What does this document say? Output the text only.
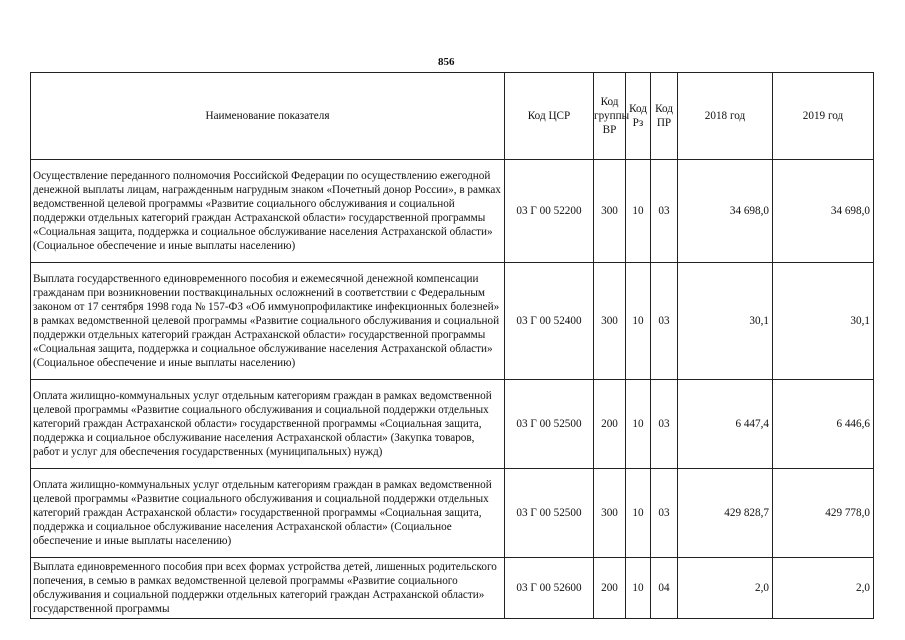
856
Наименование показателя	Код ЦСР	Код группы ВР	Код Рз	Код ПР	2018 год	2019 год
Осуществление переданного полномочия Российской Федерации по осуществлению ежегодной денежной выплаты лицам, награжденным нагрудным знаком «Почетный донор России», в рамках ведомственной целевой программы «Развитие социального обслуживания и социальной поддержки отдельных категорий граждан Астраханской области» государственной программы «Социальная защита, поддержка и социальное обслуживание населения Астраханской области» (Социальное обеспечение и иные выплаты населению)	03 Г 00 52200	300	10	03	34 698,0	34 698,0
Выплата государственного единовременного пособия и ежемесячной денежной компенсации гражданам при возникновении поствакцинальных осложнений в соответствии с Федеральным законом от 17 сентября 1998 года № 157-ФЗ «Об иммунопрофилактике инфекционных болезней» в рамках ведомственной целевой программы «Развитие социального обслуживания и социальной поддержки отдельных категорий граждан Астраханской области» государственной программы «Социальная защита, поддержка и социальное обслуживание населения Астраханской области» (Социальное обеспечение и иные выплаты населению)	03 Г 00 52400	300	10	03	30,1	30,1
Оплата жилищно-коммунальных услуг отдельным категориям граждан в рамках ведомственной целевой программы «Развитие социального обслуживания и социальной поддержки отдельных категорий граждан Астраханской области» государственной программы «Социальная защита, поддержка и социальное обслуживание населения Астраханской области» (Закупка товаров, работ и услуг для обеспечения государственных (муниципальных) нужд)	03 Г 00 52500	200	10	03	6 447,4	6 446,6
Оплата жилищно-коммунальных услуг отдельным категориям граждан в рамках ведомственной целевой программы «Развитие социального обслуживания и социальной поддержки отдельных категорий граждан Астраханской области» государственной программы «Социальная защита, поддержка и социальное обслуживание населения Астраханской области» (Социальное обеспечение и иные выплаты населению)	03 Г 00 52500	300	10	03	429 828,7	429 778,0
Выплата единовременного пособия при всех формах устройства детей, лишенных родительского попечения, в семью в рамках ведомственной целевой программы «Развитие социального обслуживания и социальной поддержки отдельных категорий граждан Астраханской области» государственной программы	03 Г 00 52600	200	10	04	2,0	2,0
